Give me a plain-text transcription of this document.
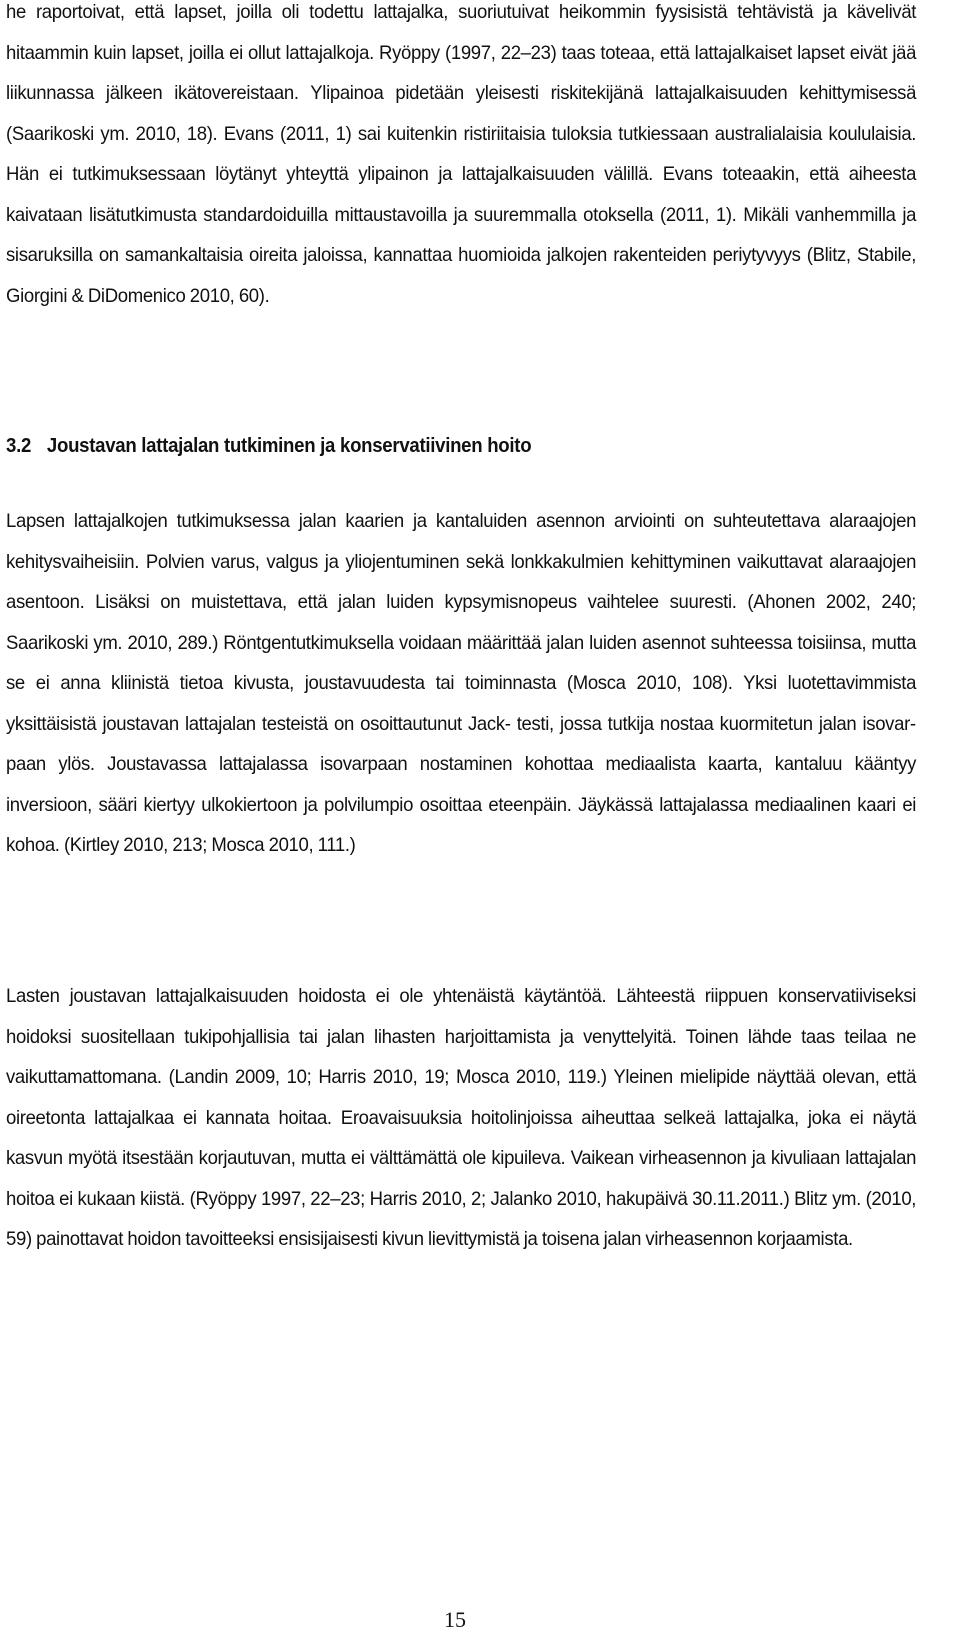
he raportoivat, että lapset, joilla oli todettu lattajalka, suoriutuivat heikommin fyysisistä tehtävistä ja kävelivät hitaammin kuin lapset, joilla ei ollut lattajalkoja. Ryöppy (1997, 22–23) taas toteaa, että lattajalkaiset lapset eivät jää liikunnassa jälkeen ikätovereistaan. Ylipainoa pidetään yleisesti riskitekijänä lattajalkaisuuden kehittymisessä (Saarikoski ym. 2010, 18). Evans (2011, 1) sai kuitenkin ristiriitaisia tuloksia tutkiessaan australialaisia koululaisia. Hän ei tutkimuksessaan löytänyt yhteyttä ylipainon ja lattajalkaisuuden välillä. Evans toteaakin, että aiheesta kaivataan lisätutkimusta standardoiduilla mittaustavoilla ja suuremmalla otoksella (2011, 1). Mikäli vanhemmilla ja sisaruksilla on samankaltaisia oireita jaloissa, kannattaa huomioida jalkojen rakenteiden periytyvyys (Blitz, Stabile, Giorgini & DiDomenico 2010, 60).

3.2 Joustavan lattajalan tutkiminen ja konservatiivinen hoito

Lapsen lattajalkojen tutkimuksessa jalan kaarien ja kantaluiden asennon arviointi on suhteutettava alaraajojen kehitysvaiheisiin. Polvien varus, valgus ja yliojentuminen sekä lonkkakulmien kehittyminen vaikuttavat alaraajojen asentoon. Lisäksi on muistettava, että jalan luiden kypsymisnopeus vaihtelee suuresti. (Ahonen 2002, 240; Saarikoski ym. 2010, 289.) Röntgentutkimuksella voidaan määrittää jalan luiden asennot suhteessa toisiinsa, mutta se ei anna kliinistä tietoa kivusta, joustavuudesta tai toiminnasta (Mosca 2010, 108). Yksi luotettavimmista yksittäisistä joustavan lattajalan testeistä on osoittautunut Jack- testi, jossa tutkija nostaa kuormitetun jalan isovarpaan ylös. Joustavassa lattajalassa isovarpaan nostaminen kohottaa mediaalista kaarta, kantaluu kääntyy inversioon, sääri kiertyy ulkokiertoon ja polvilumpio osoittaa eteenpäin. Jäykässä lattajalassa mediaalinen kaari ei kohoa. (Kirtley 2010, 213; Mosca 2010, 111.)

Lasten joustavan lattajalkaisuuden hoidosta ei ole yhtenäistä käytäntöä. Lähteestä riippuen konservatiiviseksi hoidoksi suositellaan tukipohjallisia tai jalan lihasten harjoittamista ja venyttelyitä. Toinen lähde taas teilaa ne vaikuttamattomana. (Landin 2009, 10; Harris 2010, 19; Mosca 2010, 119.) Yleinen mielipide näyttää olevan, että oireetonta lattajalkaa ei kannata hoitaa. Eroavaisuuksia hoitolinjoissa aiheuttaa selkeä lattajalka, joka ei näytä kasvun myötä itsestään korjautuvan, mutta ei välttämättä ole kipuileva. Vaikean virheasennon ja kivuliaan lattajalan hoitoa ei kukaan kiistä. (Ryöppy 1997, 22–23; Harris 2010, 2; Jalanko 2010, hakupäivä 30.11.2011.) Blitz ym. (2010, 59) painottavat hoidon tavoitteeksi ensisijaisesti kivun lievittymistä ja toisena jalan virheasennon korjaamista.

15
